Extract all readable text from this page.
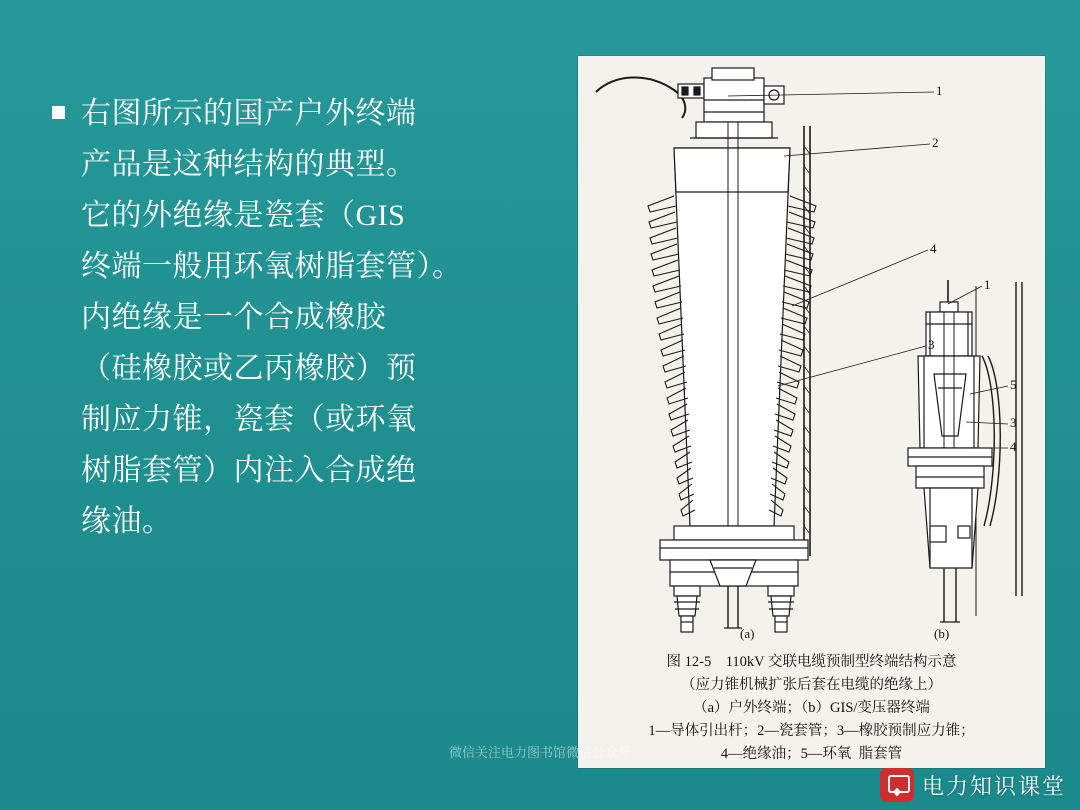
右图所示的国产户外终端

产品是这种结构的典型。

它的外绝缘是瓷套（GIS

终端一般用环氧树脂套管）。

内绝缘是一个合成橡胶

（硅橡胶或乙丙橡胶）预

制应力锥，瓷套（或环氧

树脂套管）内注入合成绝

缘油。

1
2
4
3
1
5
3
4
(a)	(b)
图 12-5    110kV 交联电缆预制型终端结构示意
（应力锥机械扩张后套在电缆的绝缘上）
（a）户外终端；（b）GIS/变压器终端
1—导体引出杆；2—瓷套管；3—橡胶预制应力锥；
4—绝缘油；5—环氧  脂套管
微信关注电力图书馆微信公众号
电力知识课堂
